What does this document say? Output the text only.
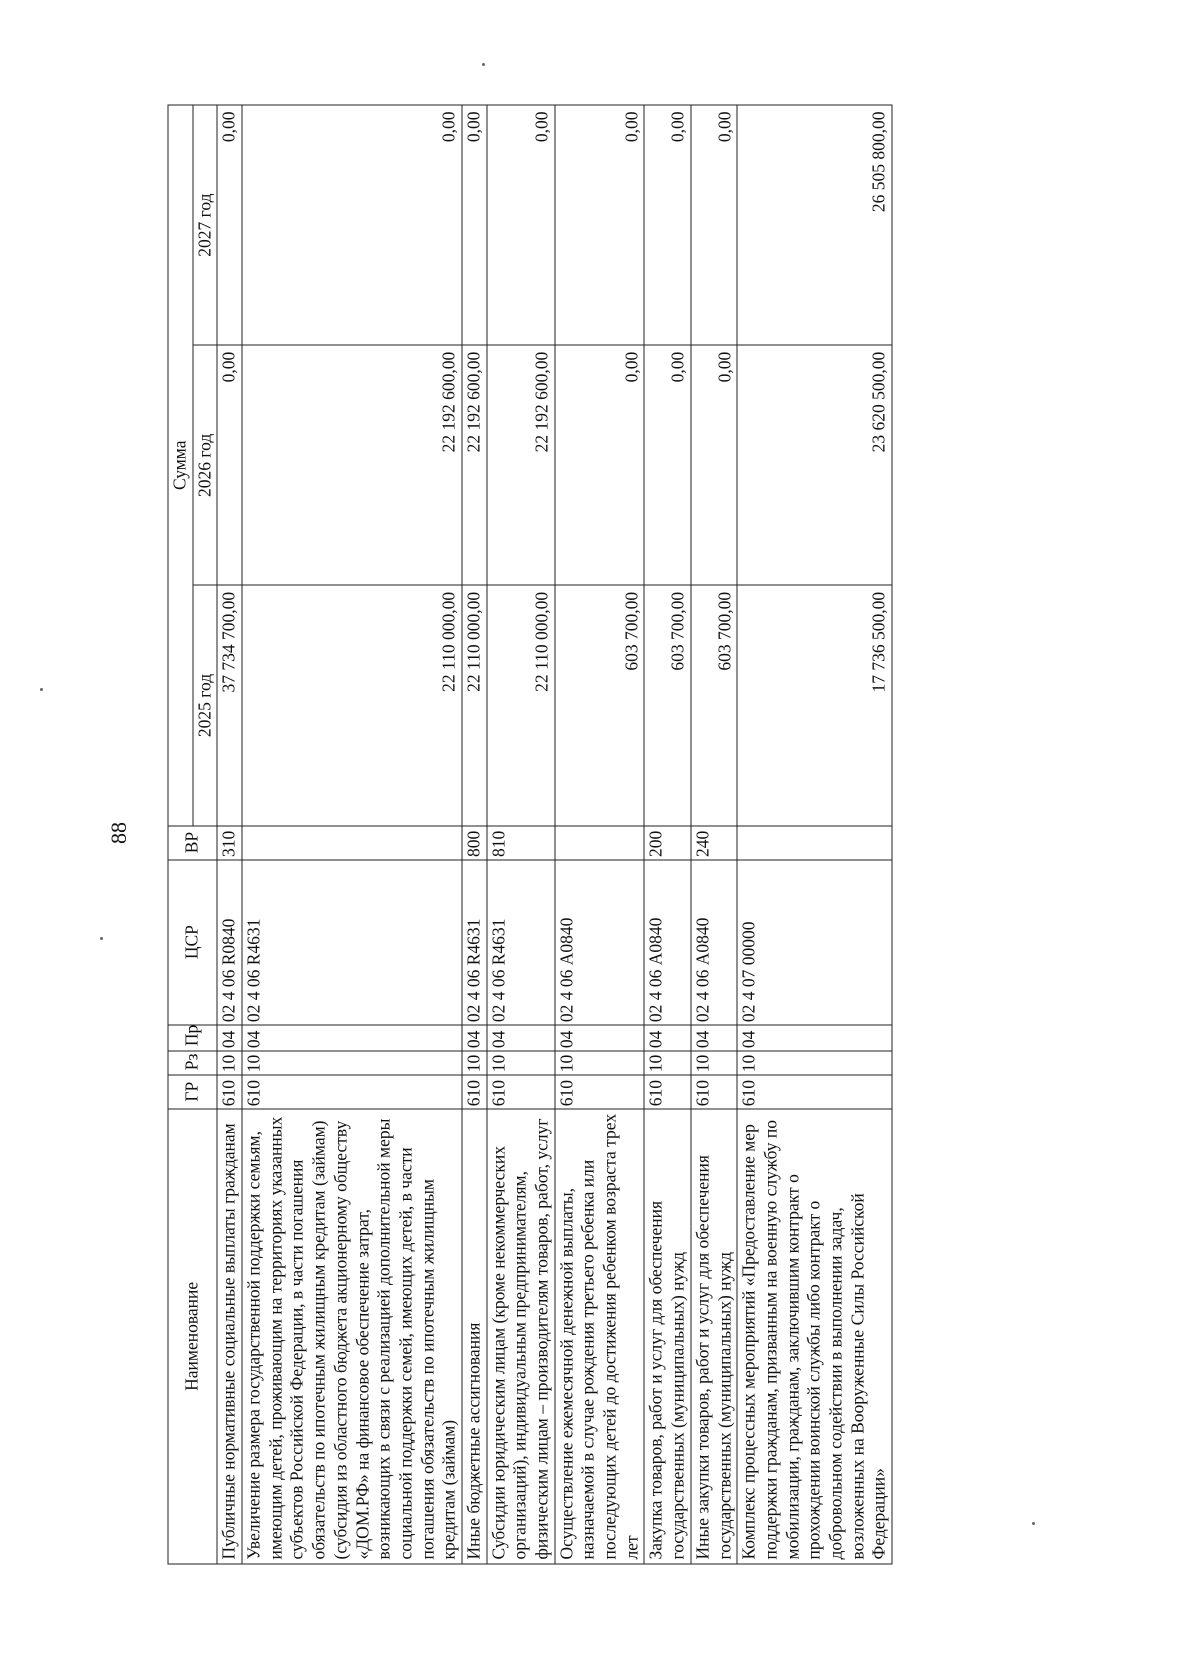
88
Наименование	ГР	Рз	Пр	ЦСР	ВР	Сумма		
						2025 год	2026 год	2027 год
Публичные нормативные социальные выплаты гражданам	610	10	04	02 4 06 R0840	310	37 734 700,00	0,00	0,00
Увеличение размера государственной поддержки семьям, имеющим детей, проживающим на территориях указанных субъектов Российской Федерации, в части погашения обязательств по ипотечным жилищным кредитам (займам) (субсидия из областного бюджета акционерному обществу «ДОМ.РФ» на финансовое обеспечение затрат, возникающих в связи с реализацией дополнительной меры социальной поддержки семей, имеющих детей, в части погашения обязательств по ипотечным жилищным кредитам (займам)	610	10	04	02 4 06 R4631		22 110 000,00	22 192 600,00	0,00
Иные бюджетные ассигнования	610	10	04	02 4 06 R4631	800	22 110 000,00	22 192 600,00	0,00
Субсидии юридическим лицам (кроме некоммерческих организаций), индивидуальным предпринимателям, физическим лицам – производителям товаров, работ, услуг	610	10	04	02 4 06 R4631	810	22 110 000,00	22 192 600,00	0,00
Осуществление ежемесячной денежной выплаты, назначаемой в случае рождения третьего ребенка или последующих детей до достижения ребенком возраста трех лет	610	10	04	02 4 06 А0840		603 700,00	0,00	0,00
Закупка товаров, работ и услуг для обеспечения государственных (муниципальных) нужд	610	10	04	02 4 06 А0840	200	603 700,00	0,00	0,00
Иные закупки товаров, работ и услуг для обеспечения государственных (муниципальных) нужд	610	10	04	02 4 06 А0840	240	603 700,00	0,00	0,00
Комплекс процессных мероприятий «Предоставление мер поддержки гражданам, призванным на военную службу по мобилизации, гражданам, заключившим контракт о прохождении воинской службы либо контракт о добровольном содействии в выполнении задач, возложенных на Вооруженные Силы Российской Федерации»	610	10	04	02 4 07 00000		17 736 500,00	23 620 500,00	26 505 800,00
